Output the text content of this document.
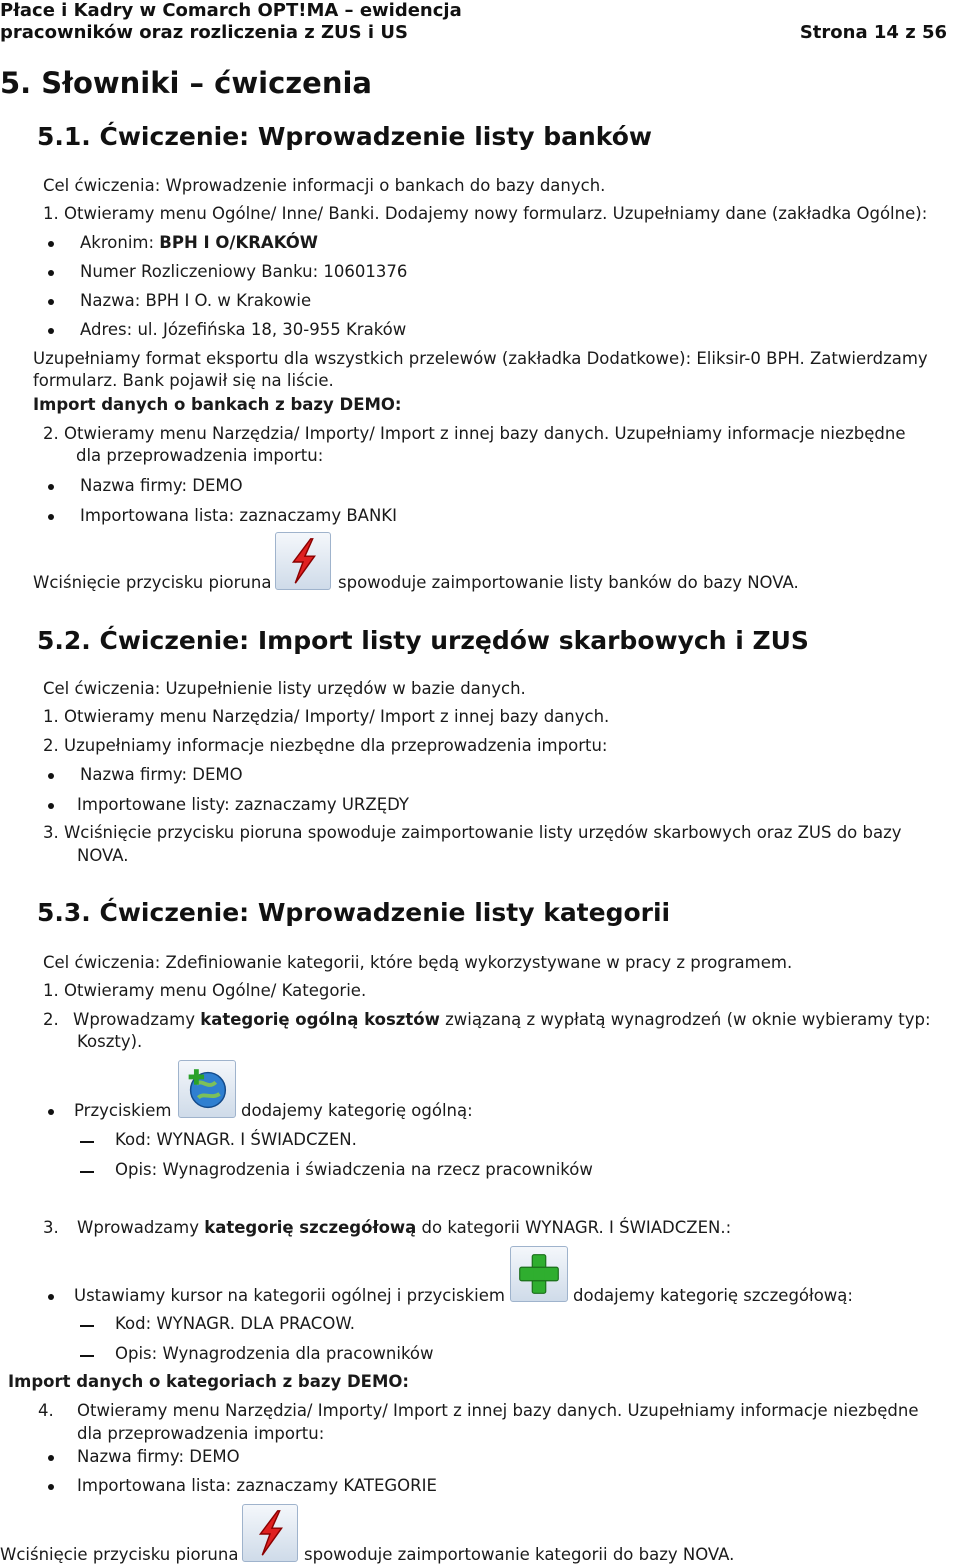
Płace i Kadry w Comarch OPT!MA – ewidencja
pracowników oraz rozliczenia z ZUS i US	Strona 14 z 56
5. Słowniki – ćwiczenia
5.1. Ćwiczenie: Wprowadzenie listy banków
Cel ćwiczenia: Wprowadzenie informacji o bankach do bazy danych.
1. Otwieramy menu Ogólne/ Inne/ Banki. Dodajemy nowy formularz. Uzupełniamy dane (zakładka Ogólne):
Akronim: BPH I O/KRAKÓW
Numer Rozliczeniowy Banku: 10601376
Nazwa: BPH I O. w Krakowie
Adres: ul. Józefińska 18, 30-955 Kraków
Uzupełniamy format eksportu dla wszystkich przelewów (zakładka Dodatkowe): Eliksir-0 BPH. Zatwierdzamy
formularz. Bank pojawił się na liście.
Import danych o bankach z bazy DEMO:
2. Otwieramy menu Narzędzia/ Importy/ Import z innej bazy danych. Uzupełniamy informacje niezbędne
dla przeprowadzenia importu:
Nazwa firmy: DEMO
Importowana lista: zaznaczamy BANKI
Wciśnięcie przycisku pioruna	spowoduje zaimportowanie listy banków do bazy NOVA.
5.2. Ćwiczenie: Import listy urzędów skarbowych i ZUS
Cel ćwiczenia: Uzupełnienie listy urzędów w bazie danych.
1. Otwieramy menu Narzędzia/ Importy/ Import z innej bazy danych.
2. Uzupełniamy informacje niezbędne dla przeprowadzenia importu:
Nazwa firmy: DEMO
Importowane listy: zaznaczamy URZĘDY
3. Wciśnięcie przycisku pioruna spowoduje zaimportowanie listy urzędów skarbowych oraz ZUS do bazy
NOVA.
5.3. Ćwiczenie: Wprowadzenie listy kategorii
Cel ćwiczenia: Zdefiniowanie kategorii, które będą wykorzystywane w pracy z programem.
1. Otwieramy menu Ogólne/ Kategorie.
2. Wprowadzamy kategorię ogólną kosztów związaną z wypłatą wynagrodzeń (w oknie wybieramy typ:
Koszty).
Przyciskiem	dodajemy kategorię ogólną:
Kod: WYNAGR. I ŚWIADCZEN.
Opis: Wynagrodzenia i świadczenia na rzecz pracowników
3. Wprowadzamy kategorię szczegółową do kategorii WYNAGR. I ŚWIADCZEN.:
Ustawiamy kursor na kategorii ogólnej i przyciskiem	dodajemy kategorię szczegółową:
Kod: WYNAGR. DLA PRACOW.
Opis: Wynagrodzenia dla pracowników
Import danych o kategoriach z bazy DEMO:
4. Otwieramy menu Narzędzia/ Importy/ Import z innej bazy danych. Uzupełniamy informacje niezbędne
dla przeprowadzenia importu:
Nazwa firmy: DEMO
Importowana lista: zaznaczamy KATEGORIE
Wciśnięcie przycisku pioruna	spowoduje zaimportowanie kategorii do bazy NOVA.
